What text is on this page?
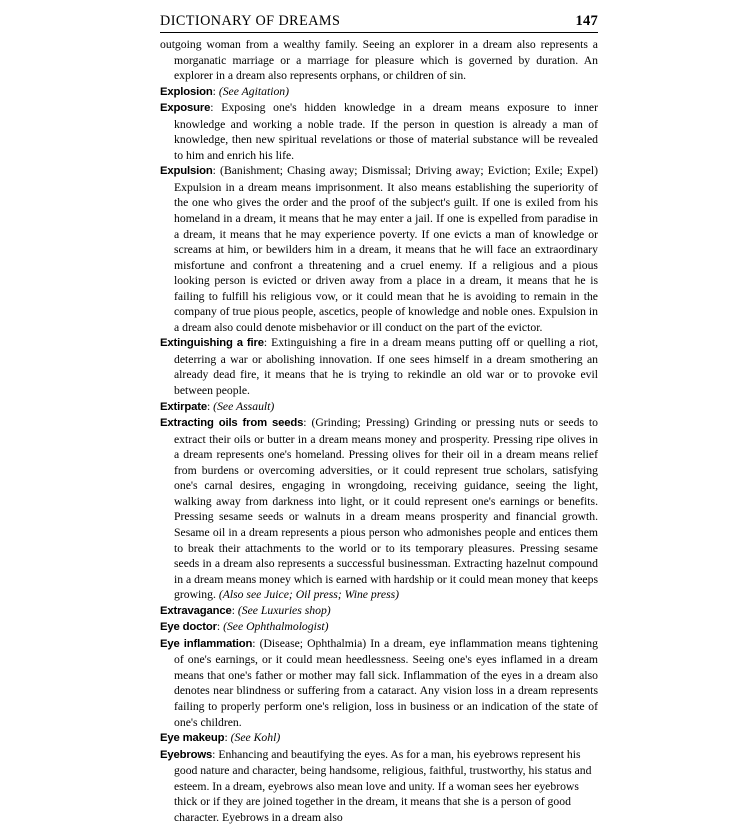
DICTIONARY OF DREAMS	147

outgoing woman from a wealthy family. Seeing an explorer in a dream also represents a morganatic marriage or a marriage for pleasure which is governed by duration. An explorer in a dream also represents orphans, or children of sin.

Explosion: (See Agitation)

Exposure: Exposing one's hidden knowledge in a dream means exposure to inner knowledge and working a noble trade. If the person in question is already a man of knowledge, then new spiritual revelations or those of material substance will be revealed to him and enrich his life.

Expulsion: (Banishment; Chasing away; Dismissal; Driving away; Eviction; Exile; Expel) Expulsion in a dream means imprisonment. It also means establishing the superiority of the one who gives the order and the proof of the subject's guilt. If one is exiled from his homeland in a dream, it means that he may enter a jail. If one is expelled from paradise in a dream, it means that he may experience poverty. If one evicts a man of knowledge or screams at him, or bewilders him in a dream, it means that he will face an extraordinary misfortune and confront a threatening and a cruel enemy. If a religious and a pious looking person is evicted or driven away from a place in a dream, it means that he is failing to fulfill his religious vow, or it could mean that he is avoiding to remain in the company of true pious people, ascetics, people of knowledge and noble ones. Expulsion in a dream also could denote misbehavior or ill conduct on the part of the evictor.

Extinguishing a fire: Extinguishing a fire in a dream means putting off or quelling a riot, deterring a war or abolishing innovation. If one sees himself in a dream smothering an already dead fire, it means that he is trying to rekindle an old war or to provoke evil between people.

Extirpate: (See Assault)

Extracting oils from seeds: (Grinding; Pressing) Grinding or pressing nuts or seeds to extract their oils or butter in a dream means money and prosperity. Pressing ripe olives in a dream represents one's homeland. Pressing olives for their oil in a dream means relief from burdens or overcoming adversities, or it could represent true scholars, satisfying one's carnal desires, engaging in wrongdoing, receiving guidance, seeing the light, walking away from darkness into light, or it could represent one's earnings or benefits. Pressing sesame seeds or walnuts in a dream means prosperity and financial growth. Sesame oil in a dream represents a pious person who admonishes people and entices them to break their attachments to the world or to its temporary pleasures. Pressing sesame seeds in a dream also represents a successful businessman. Extracting hazelnut compound in a dream means money which is earned with hardship or it could mean money that keeps growing. (Also see Juice; Oil press; Wine press)

Extravagance: (See Luxuries shop)

Eye doctor: (See Ophthalmologist)

Eye inflammation: (Disease; Ophthalmia) In a dream, eye inflammation means tightening of one's earnings, or it could mean heedlessness. Seeing one's eyes inflamed in a dream means that one's father or mother may fall sick. Inflammation of the eyes in a dream also denotes near blindness or suffering from a cataract. Any vision loss in a dream represents failing to properly perform one's religion, loss in business or an indication of the state of one's children.

Eye makeup: (See Kohl)

Eyebrows: Enhancing and beautifying the eyes. As for a man, his eyebrows represent his good nature and character, being handsome, religious, faithful, trustworthy, his status and esteem. In a dream, eyebrows also mean love and unity. If a woman sees her eyebrows thick or if they are joined together in the dream, it means that she is a person of good character. Eyebrows in a dream also
